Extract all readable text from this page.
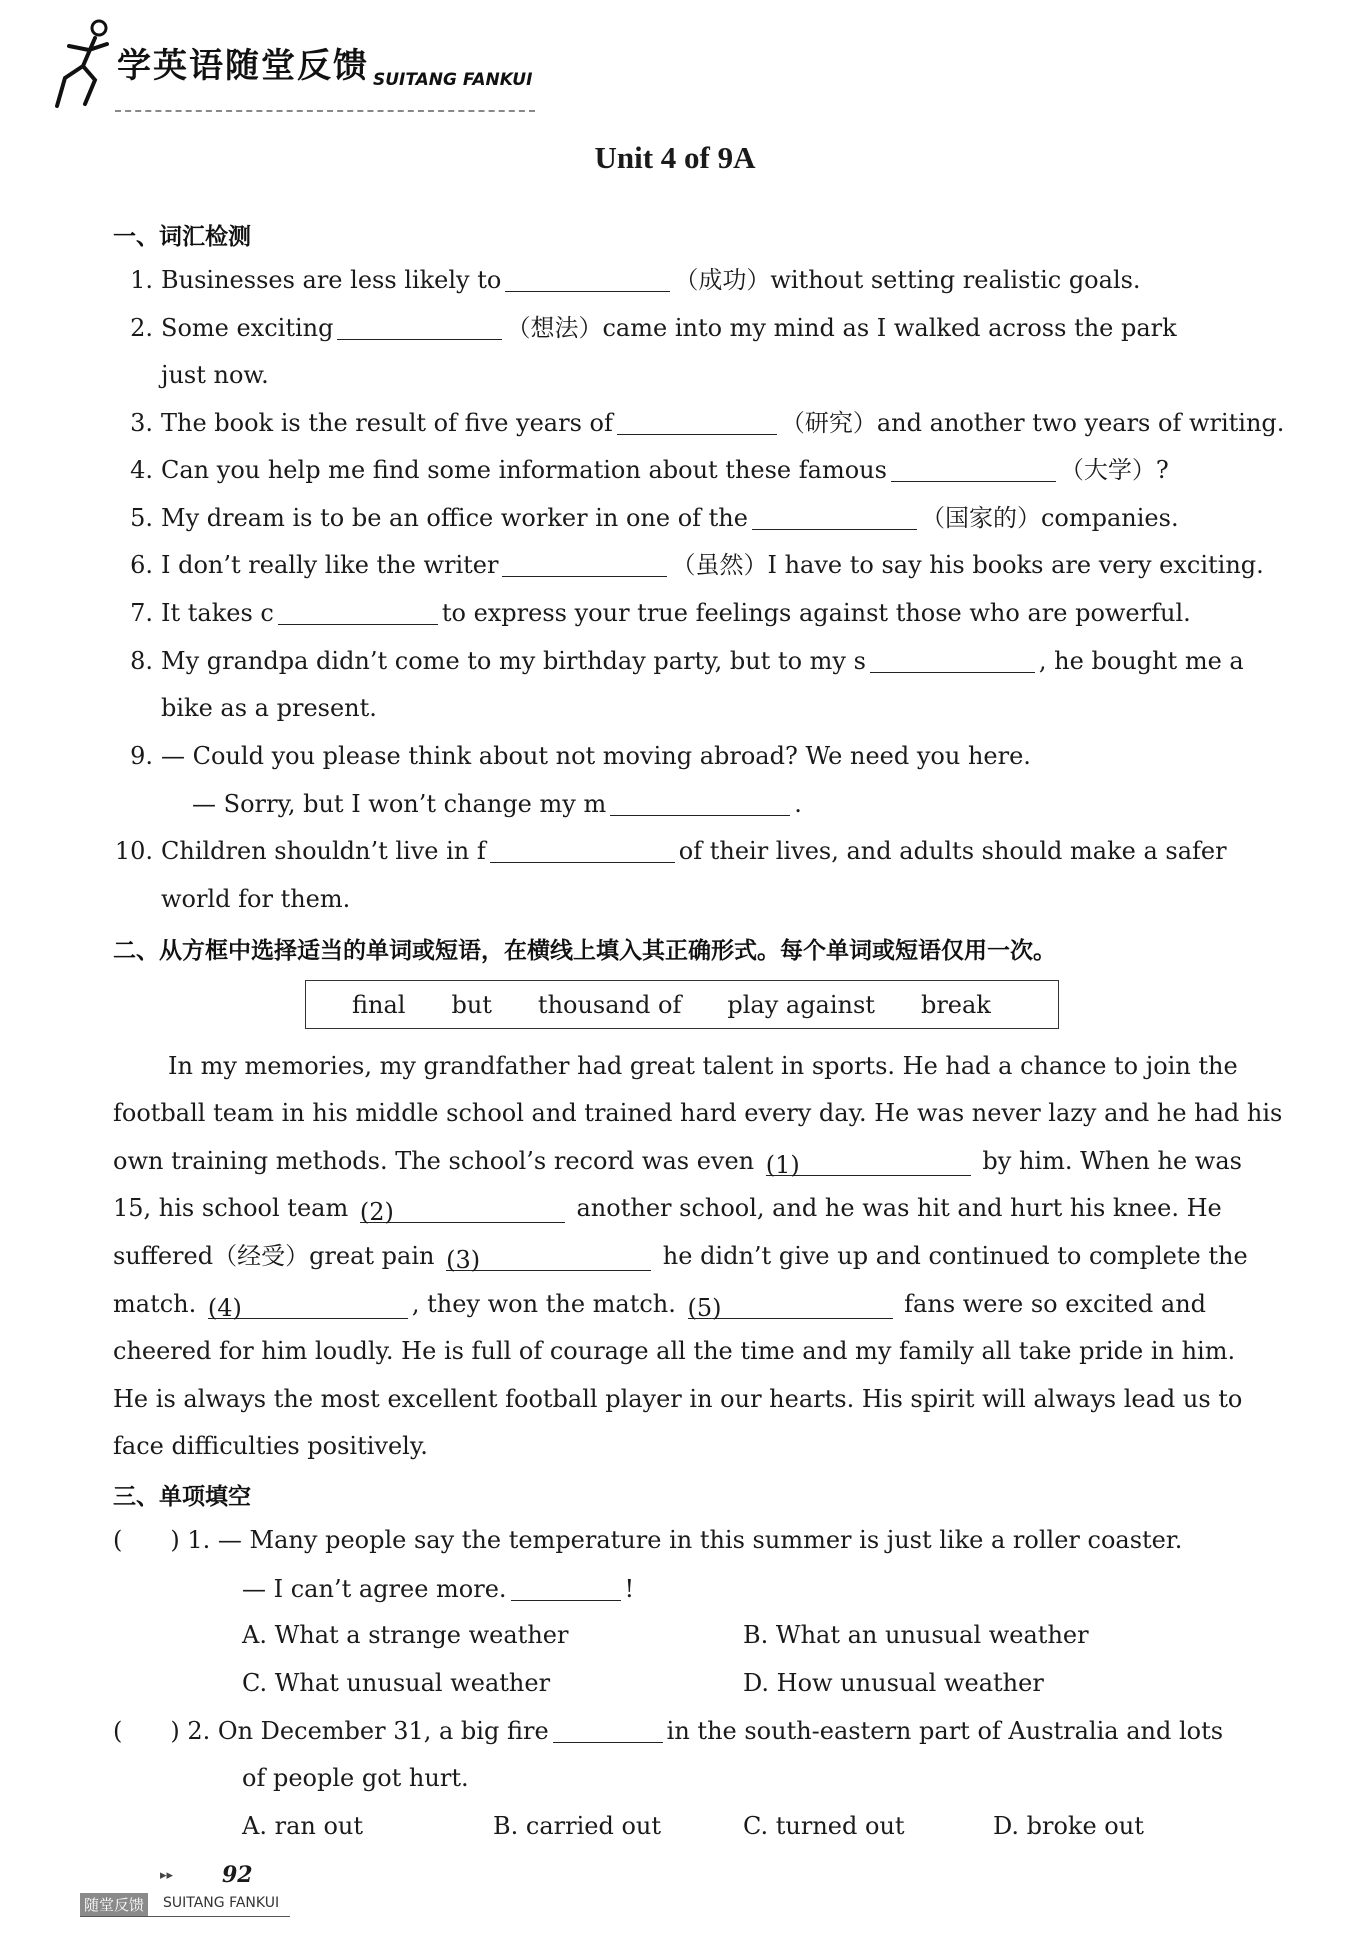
学英语随堂反馈 SUITANG FANKUI
Unit 4 of 9A
一、词汇检测
1. Businesses are less likely to	（成功）without setting realistic goals.
2. Some exciting	（想法）came into my mind as I walked across the park
just now.
3. The book is the result of five years of	（研究）and another two years of writing.
4. Can you help me find some information about these famous	（大学）?
5. My dream is to be an office worker in one of the	（国家的）companies.
6. I don’t really like the writer	（虽然）I have to say his books are very exciting.
7. It takes c	to express your true feelings against those who are powerful.
8. My grandpa didn’t come to my birthday party, but to my s	, he bought me a
bike as a present.
9. — Could you please think about not moving abroad? We need you here.
— Sorry, but I won’t change my m	.
10. Children shouldn’t live in f	of their lives, and adults should make a safer
world for them.
二、从方框中选择适当的单词或短语，在横线上填入其正确形式。每个单词或短语仅用一次。
final but thousand of play against break
In my memories, my grandfather had great talent in sports. He had a chance to join the
football team in his middle school and trained hard every day. He was never lazy and he had his
own training methods. The school’s record was even (1)	by him. When he was
15, his school team (2)	another school, and he was hit and hurt his knee. He
suffered（经受）great pain (3)	he didn’t give up and continued to complete the
match. (4)	, they won the match. (5)	fans were so excited and
cheered for him loudly. He is full of courage all the time and my family all take pride in him.
He is always the most excellent football player in our hearts. His spirit will always lead us to
face difficulties positively.
三、单项填空
(　　) 1. — Many people say the temperature in this summer is just like a roller coaster.
— I can’t agree more.	!
A. What a strange weather	B. What an unusual weather
C. What unusual weather	D. How unusual weather
(　　) 2. On December 31, a big fire	in the south-eastern part of Australia and lots
of people got hurt.
A. ran out	B. carried out	C. turned out	D. broke out
▸▸ 92
随堂反馈 SUITANG FANKUI
